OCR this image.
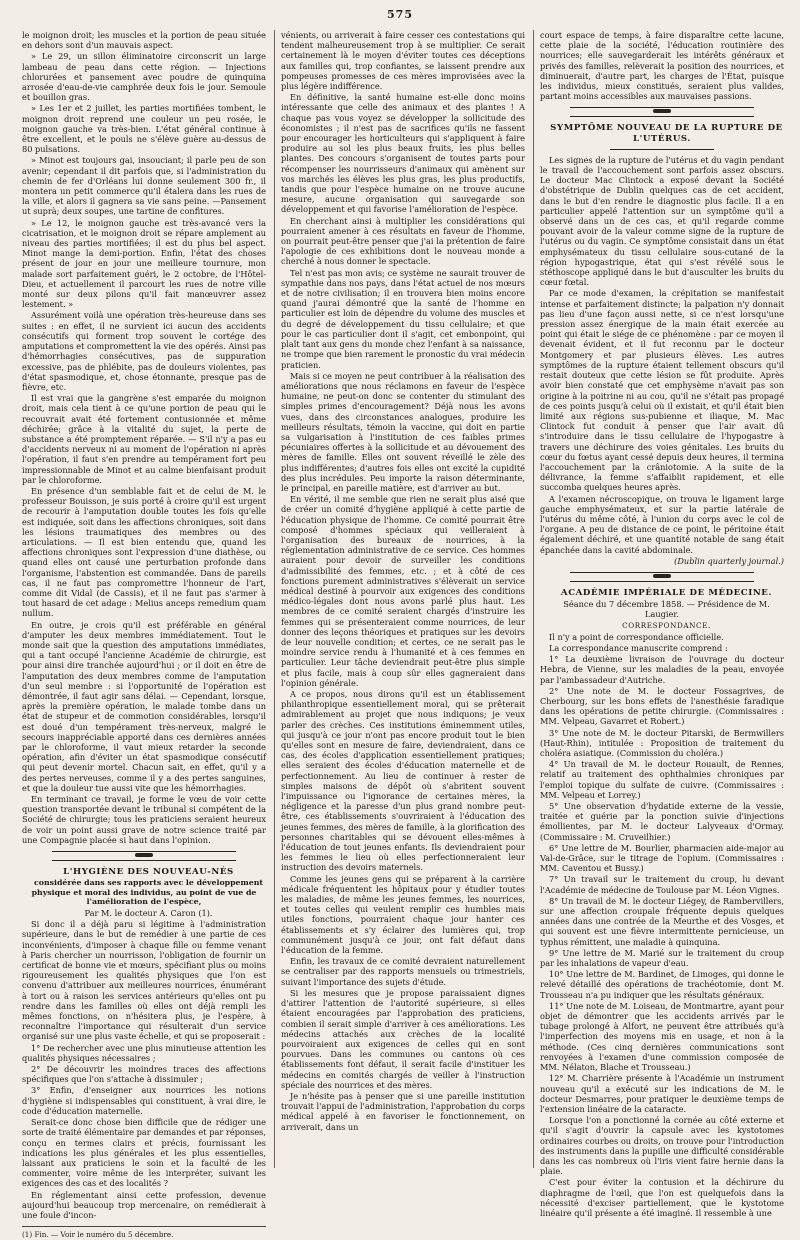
575

le moignon droit; les muscles et la portion de peau située en dehors sont d'un mauvais aspect.

» Le 29, un sillon éliminatoire circonscrit un large lambeau de peau dans cette région. — Injections chlorurées et pansement avec poudre de quinquina arrosée d'eau-de-vie camphrée deux fois le jour. Semoule et bouillon gras.

» Les 1er et 2 juillet, les parties mortifiées tombent, le moignon droit reprend une couleur un peu rosée, le moignon gauche va très-bien. L'état général continue à être excellent, et le pouls ne s'élève guère au-dessus de 80 pulsations.

» Minot est toujours gai, insouciant; il parle peu de son avenir; cependant il dit parfois que, si l'administration du chemin de fer d'Orléans lui donne seulement 300 fr., il montera un petit commerce qu'il étalera dans les rues de la ville, et alors il gagnera sa vie sans peine. —Pansement ut suprà; deux soupes, une tartine de confitures.

» Le 12, le moignon gauche est très-avancé vers la cicatrisation, et le moignon droit se répare amplement au niveau des parties mortifiées; il est du plus bel aspect. Minot mange la demi-portion. Enfin, l'état des choses présent de jour en jour une meilleure tournure, mon malade sort parfaitement guéri, le 2 octobre, de l'Hôtel-Dieu, et actuellement il parcourt les rues de notre ville monté sur deux pilons qu'il fait manœuvrer assez lestement. »

Assurément voilà une opération très-heureuse dans ses suites : en effet, il ne survient ici aucun des accidents consécutifs qui forment trop souvent le cortége des amputations et compromettent la vie des opérés. Ainsi pas d'hémorrhagies consécutives, pas de suppuration excessive, pas de phlébite, pas de douleurs violentes, pas d'état spasmodique, et, chose étonnante, presque pas de fièvre, etc.

Il est vrai que la gangrène s'est emparée du moignon droit, mais cela tient à ce qu'une portion de peau qui le recouvrait avait été fortement contusionnée et même déchirée; grâce à la vitalité du sujet, la perte de substance a été promptement réparée. — S'il n'y a pas eu d'accidents nerveux ni au moment de l'opération ni après l'opération, il faut s'en prendre au tempérament fort peu impressionnable de Minot et au calme bienfaisant produit par le chloroforme.

En présence d'un semblable fait et de celui de M. le professeur Bouisson, je suis porté à croire qu'il est urgent de recourir à l'amputation double toutes les fois qu'elle est indiquée, soit dans les affections chroniques, soit dans les lésions traumatiques des membres ou des articulations. — Il est bien entendu que, quand les affections chroniques sont l'expression d'une diathèse, ou quand elles ont causé une perturbation profonde dans l'organisme, l'abstention est commandée. Dans de pareils cas, il ne faut pas compromettre l'honneur de l'art, comme dit Vidal (de Cassis), et il ne faut pas s'armer à tout hasard de cet adage : Melius anceps remedium quam nullum.

En outre, je crois qu'il est préférable en général d'amputer les deux membres immédiatement. Tout le monde sait que la question des amputations immédiates, qui a tant occupé l'ancienne Académie de chirurgie, est pour ainsi dire tranchée aujourd'hui ; or il doit en être de l'amputation des deux membres comme de l'amputation d'un seul membre : si l'opportunité de l'opération est démontrée, il faut agir sans délai. — Cependant, lorsque, après la première opération, le malade tombe dans un état de stupeur et de commotion considérables, lorsqu'il est doué d'un tempérament très-nerveux, malgré le secours inappréciable apporté dans ces dernières années par le chloroforme, il vaut mieux retarder la seconde opération, afin d'éviter un état spasmodique consécutif qui peut devenir mortel. Chacun sait, en effet, qu'il y a des pertes nerveuses, comme il y a des pertes sanguines, et que la douleur tue aussi vite que les hémorrhagies.

En terminant ce travail, je forme le vœu de voir cette question transportée devant le tribunal si compétent de la Société de chirurgie; tous les praticiens seraient heureux de voir un point aussi grave de notre science traité par une Compagnie placée si haut dans l'opinion.

L'HYGIÈNE DES NOUVEAU-NÉS

considérée dans ses rapports avec le développement physique et moral des individus, au point de vue de l'amélioration de l'espèce,

Par M. le docteur A. Caron (1).

Si donc il a déjà paru si légitime à l'administration supérieure, dans le but de remédier à une partie de ces inconvénients, d'imposer à chaque fille ou femme venant à Paris chercher un nourrisson, l'obligation de fournir un certificat de bonne vie et mœurs, spécifiant plus ou moins rigoureusement les qualités physiques que l'on est convenu d'attribuer aux meilleures nourrices, énumérant à tort ou à raison les services antérieurs qu'elles ont pu rendre dans les familles où elles ont déjà rempli les mêmes fonctions, on n'hésitera plus, je l'espère, à reconnaître l'importance qui résulterait d'un service organisé sur une plus vaste échelle, et qui se proposerait :

1° De rechercher avec une plus minutieuse attention les qualités physiques nécessaires ;

2° De découvrir les moindres traces des affections spécifiques que l'on s'attache à dissimuler ;

3° Enfin, d'enseigner aux nourrices les notions d'hygiène si indispensables qui constituent, à vrai dire, le code d'éducation maternelle.

Serait-ce donc chose bien difficile que de rédiger une sorte de traité élémentaire par demandes et par réponses, conçu en termes clairs et précis, fournissant les indications les plus générales et les plus essentielles, laissant aux praticiens le soin et la faculté de les commenter, voire même de les interpréter, suivant les exigences des cas et des localités ?

En réglementant ainsi cette profession, devenue aujourd'hui beaucoup trop mercenaire, on remédierait à une foule d'incon-

(1) Fin. — Voir le numéro du 5 décembre.

vénients, ou arriverait à faire cesser ces contestations qui tendent malheureusement trop à se multiplier. Ce serait certainement là le moyen d'éviter toutes ces déceptions aux familles qui, trop confiantes, se laissent prendre aux pompeuses promesses de ces mères improvisées avec la plus légère indifférence.

En définitive, la santé humaine est-elle donc moins intéressante que celle des animaux et des plantes ! A chaque pas vous voyez se développer la sollicitude des économistes ; il n'est pas de sacrifices qu'ils ne fassent pour encourager les horticulteurs qui s'appliquent à faire produire au sol les plus beaux fruits, les plus belles plantes. Des concours s'organisent de toutes parts pour récompenser les nourrisseurs d'animaux qui amènent sur vos marchés les élèves les plus gras, les plus productifs, tandis que pour l'espèce humaine on ne trouve aucune mesure, aucune organisation qui sauvegarde son développement et qui favorise l'amélioration de l'espèce.

En cherchant ainsi à multiplier les considérations qui pourraient amener à ces résultats en faveur de l'homme, on pourrait peut-être penser que j'ai la prétention de faire l'apologie de ces exhibitions dont le nouveau monde a cherché à nous donner le spectacle.

Tel n'est pas mon avis; ce système ne saurait trouver de sympathie dans nos pays, dans l'état actuel de nos mœurs et de notre civilisation; il en trouvera bien moins encore quand j'aurai démontré que la santé de l'homme en particulier est loin de dépendre du volume des muscles et du degré de développement du tissu cellulaire; et que pour le cas particulier dont il s'agit, cet embonpoint, qui plaît tant aux gens du monde chez l'enfant à sa naissance, ne trompe que bien rarement le pronostic du vrai médecin praticien.

Mais si ce moyen ne peut contribuer à la réalisation des améliorations que nous réclamons en faveur de l'espèce humaine, ne peut-on donc se contenter du stimulant des simples primes d'encouragement? Déjà nous les avons vues, dans des circonstances analogues, produire les meilleurs résultats, témoin la vaccine, qui doit en partie sa vulgarisation à l'institution de ces faibles primes pécuniaires offertes à la sollicitude et au dévouement des mères de famille. Elles ont souvent réveillé le zèle des plus indifférentes; d'autres fois elles ont excité la cupidité des plus incrédules. Peu importe la raison déterminante, le principal, en pareille matière, est d'arriver au but.

En vérité, il me semble que rien ne serait plus aisé que de créer un comité d'hygiène appliqué à cette partie de l'éducation physique de l'homme. Ce comité pourrait être composé d'hommes spéciaux qui veilleraient à l'organisation des bureaux de nourrices, à la réglementation administrative de ce service. Ces hommes auraient pour devoir de surveiller les conditions d'admissibilité des femmes, etc. ; et à côté de ces fonctions purement administratives s'élèverait un service médical destiné à pourvoir aux exigences des conditions médico-légales dont nous avons parlé plus haut. Les membres de ce comité seraient chargés d'instruire les femmes qui se présenteraient comme nourrices, de leur donner des leçons théoriques et pratiques sur les devoirs de leur nouvelle condition; et certes, ce ne serait pas le moindre service rendu à l'humanité et à ces femmes en particulier. Leur tâche deviendrait peut-être plus simple et plus facile, mais à coup sûr elles gagneraient dans l'opinion générale.

A ce propos, nous dirons qu'il est un établissement philanthropique essentiellement moral, qui se prêterait admirablement au projet que nous indiquons; je veux parler des crèches. Ces institutions éminemment utiles, qui jusqu'à ce jour n'ont pas encore produit tout le bien qu'elles sont en mesure de faire, deviendraient, dans ce cas, des écoles d'application essentiellement pratiques; elles seraient des écoles d'éducation maternelle et de perfectionnement. Au lieu de continuer à rester de simples maisons de dépôt où s'abritent souvent l'impuissance ou l'ignorance de certaines mères, la négligence et la paresse d'un plus grand nombre peut-être, ces établissements s'ouvriraient à l'éducation des jeunes femmes, des mères de famille, à la glorification des personnes charitables qui se dévouent elles-mêmes à l'éducation de tout jeunes enfants. Ils deviendraient pour les femmes le lieu où elles perfectionneraient leur instruction des devoirs maternels.

Comme les jeunes gens qui se préparent à la carrière médicale fréquentent les hôpitaux pour y étudier toutes les maladies, de même les jeunes femmes, les nourrices, et toutes celles qui veulent remplir ces humbles mais utiles fonctions, pourraient chaque jour hanter ces établissements et s'y éclairer des lumières qui, trop communément jusqu'à ce jour, ont fait défaut dans l'éducation de la femme.

Enfin, les travaux de ce comité devraient naturellement se centraliser par des rapports mensuels ou trimestriels, suivant l'importance des sujets d'étude.

Si les mesures que je propose paraissaient dignes d'attirer l'attention de l'autorité supérieure, si elles étaient encouragées par l'approbation des praticiens, combien il serait simple d'arriver à ces améliorations. Les médecins attachés aux crèches de la localité pourvoiraient aux exigences de celles qui en sont pourvues. Dans les communes ou cantons où ces établissements font défaut, il serait facile d'instituer les médecins en comités chargés de veiller à l'instruction spéciale des nourrices et des mères.

Je n'hésite pas à penser que si une pareille institution trouvait l'appui de l'administration, l'approbation du corps médical appelé à en favoriser le fonctionnement, on arriverait, dans un

court espace de temps, à faire disparaître cette lacune, cette plaie de la société, l'éducation routinière des nourrices; elle sauvegarderait les intérêts généraux et privés des familles, relèverait la position des nourrices, et diminuerait, d'autre part, les charges de l'État, puisque les individus, mieux constitués, seraient plus valides, partant moins accessibles aux mauvaises passions.

SYMPTÔME NOUVEAU DE LA RUPTURE DE L'UTÉRUS.

Les signes de la rupture de l'utérus et du vagin pendant le travail de l'accouchement sont parfois assez obscurs. Le docteur Mac Clintock a exposé devant la Société d'obstétrique de Dublin quelques cas de cet accident, dans le but d'en rendre le diagnostic plus facile. Il a en particulier appelé l'attention sur un symptôme qu'il a observé dans un de ces cas, et qu'il regarde comme pouvant avoir de la valeur comme signe de la rupture de l'utérus ou du vagin. Ce symptôme consistait dans un état emphysémateux du tissu cellulaire sous-cutané de la région hypogastrique, état qui s'est révélé sous le stéthoscope appliqué dans le but d'ausculter les bruits du cœur fœtal.

Par ce mode d'examen, la crépitation se manifestait intense et parfaitement distincte; la palpation n'y donnait pas lieu d'une façon aussi nette, si ce n'est lorsqu'une pression assez énergique de la main était exercée au point qui était le siége de ce phénomène : par ce moyen il devenait évident, et il fut reconnu par le docteur Montgomery et par plusieurs élèves. Les autres symptômes de la rupture étaient tellement obscurs qu'il restait douteux que cette lésion se fût produite. Après avoir bien constaté que cet emphysème n'avait pas son origine à la poitrine ni au cou, qu'il ne s'était pas propagé de ces points jusqu'à celui où il existait, et qu'il était bien limité aux régions sus-pubienne et iliaque, M. Mac Clintock fut conduit à penser que l'air avait dû s'introduire dans le tissu cellulaire de l'hypogastre à travers une déchirure des voies génitales. Les bruits du cœur du fœtus ayant cessé depuis deux heures, il termina l'accouchement par la crâniotomie. A la suite de la délivrance, la femme s'affaiblit rapidement, et elle succomba quelques heures après.

A l'examen nécroscopique, on trouva le ligament large gauche emphysémateux, et sur la partie latérale de l'utérus du même côté, à l'union du corps avec le col de l'organe. A peu de distance de ce point, le péritoine était également déchiré, et une quantité notable de sang était épanchée dans la cavité abdominale.

(Dublin quarterly journal.)

ACADÉMIE IMPÉRIALE DE MÉDECINE.

Séance du 7 décembre 1858. — Présidence de M. Laugier.

CORRESPONDANCE.

Il n'y a point de correspondance officielle.

La correspondance manuscrite comprend :

1° La deuxième livraison de l'ouvrage du docteur Hebra, de Vienne, sur les maladies de la peau, envoyée par l'ambassadeur d'Autriche.

2° Une note de M. le docteur Fossagrives, de Cherbourg, sur les bons effets de l'anesthésie faradique dans les opérations de petite chirurgie. (Commissaires : MM. Velpeau, Gavarret et Robert.)

3° Une note de M. le docteur Pitarski, de Bermwillers (Haut-Rhin), intitulée : Proposition de traitement du choléra asiatique. (Commission du choléra.)

4° Un travail de M. le docteur Rouault, de Rennes, relatif au traitement des ophthalmies chroniques par l'emploi topique du sulfate de cuivre. (Commissaires : MM. Velpeau et Lorrey.)

5° Une observation d'hydatide externe de la vessie, traitée et guérie par la ponction suivie d'injections émollientes, par M. le docteur Lalyveaux d'Ormay. (Commissaire : M. Cruveilhier.)

6° Une lettre de M. Bourlier, pharmacien aide-major au Val-de-Grâce, sur le titrage de l'opium. (Commissaires : MM. Caventou et Bussy.)

7° Un travail sur le traitement du croup, lu devant l'Académie de médecine de Toulouse par M. Léon Vignes.

8° Un travail de M. le docteur Liégey, de Rambervillers, sur une affection croupale fréquente depuis quelques années dans une contrée de la Meurthe et des Vosges, et qui souvent est une fièvre intermittente pernicieuse, un typhus rémittent, une maladie à quinquina.

9° Une lettre de M. Marié sur le traitement du croup par les inhalations de vapeur d'eau.

10° Une lettre de M. Bardinet, de Limoges, qui donne le relevé détaillé des opérations de trachéotomie, dont M. Trousseau n'a pu indiquer que les résultats généraux.

11° Une note de M. Loiseau, de Montmartre, ayant pour objet de démontrer que les accidents arrivés par le tubage prolongé à Alfort, ne peuvent être attribués qu'à l'imperfection des moyens mis en usage, et non à la méthode. (Ces cinq dernières communications sont renvoyées à l'examen d'une commission composée de MM. Nélaton, Blache et Trousseau.)

12° M. Charrière présente à l'Académie un instrument nouveau qu'il a exécuté sur les indications de M. le docteur Desmarres, pour pratiquer le deuxième temps de l'extension linéaire de la cataracte.

Lorsque l'on a ponctionné la cornée au côté externe et qu'il s'agit d'ouvrir la capsule avec les kystotomes ordinaires courbes ou droits, on trouve pour l'introduction des instruments dans la pupille une difficulté considérable dans les cas nombreux où l'iris vient faire hernie dans la plaie.

C'est pour éviter la contusion et la déchirure du diaphragme de l'œil, que l'on est quelquefois dans la nécessité d'exciser partiellement, que le kystotome linéaire qu'il présente a été imaginé. Il ressemble à une
